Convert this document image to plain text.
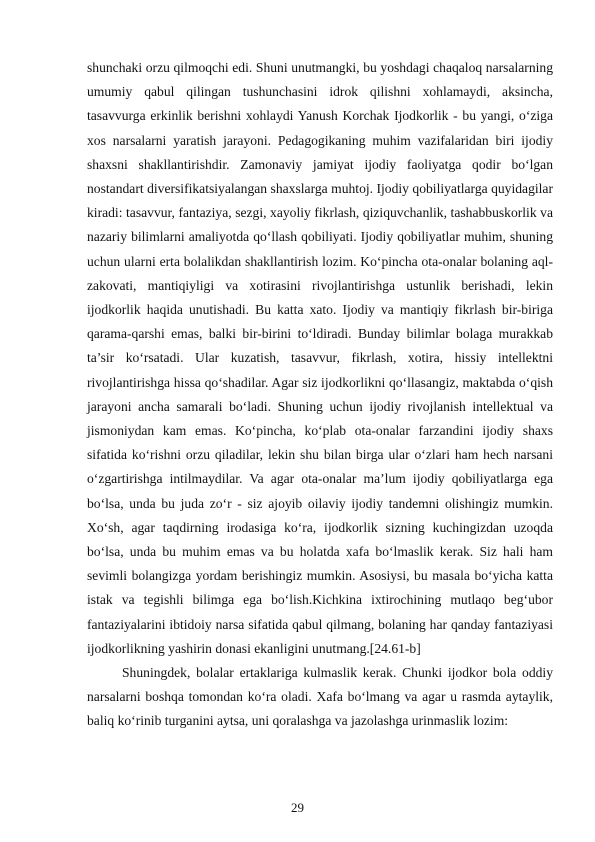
shunchaki orzu qilmoqchi edi. Shuni unutmangki, bu yoshdagi chaqaloq narsalarning umumiy qabul qilingan tushunchasini idrok qilishni xohlamaydi, aksincha, tasavvurga erkinlik berishni xohlaydi Yanush Korchak Ijodkorlik - bu yangi, o‘ziga xos narsalarni yaratish jarayoni. Pedagogikaning muhim vazifalaridan biri ijodiy shaxsni shakllantirishdir. Zamonaviy jamiyat ijodiy faoliyatga qodir bo‘lgan nostandart diversifikatsiyalangan shaxslarga muhtoj. Ijodiy qobiliyatlarga quyidagilar kiradi: tasavvur, fantaziya, sezgi, xayoliy fikrlash, qiziquvchanlik, tashabbuskorlik va nazariy bilimlarni amaliyotda qo‘llash qobiliyati. Ijodiy qobiliyatlar muhim, shuning uchun ularni erta bolalikdan shakllantirish lozim. Ko‘pincha ota-onalar bolaning aql-zakovati, mantiqiyligi va xotirasini rivojlantirishga ustunlik berishadi, lekin ijodkorlik haqida unutishadi. Bu katta xato. Ijodiy va mantiqiy fikrlash bir-biriga qarama-qarshi emas, balki bir-birini to‘ldiradi. Bunday bilimlar bolaga murakkab ta’sir ko‘rsatadi. Ular kuzatish, tasavvur, fikrlash, xotira, hissiy intellektni rivojlantirishga hissa qo‘shadilar. Agar siz ijodkorlikni qo‘llasangiz, maktabda o‘qish jarayoni ancha samarali bo‘ladi. Shuning uchun ijodiy rivojlanish intellektual va jismoniydan kam emas. Ko‘pincha, ko‘plab ota-onalar farzandini ijodiy shaxs sifatida ko‘rishni orzu qiladilar, lekin shu bilan birga ular o‘zlari ham hech narsani o‘zgartirishga intilmaydilar. Va agar ota-onalar ma’lum ijodiy qobiliyatlarga ega bo‘lsa, unda bu juda zo‘r - siz ajoyib oilaviy ijodiy tandemni olishingiz mumkin. Xo‘sh, agar taqdirning irodasiga ko‘ra, ijodkorlik sizning kuchingizdan uzoqda bo‘lsa, unda bu muhim emas va bu holatda xafa bo‘lmaslik kerak. Siz hali ham sevimli bolangizga yordam berishingiz mumkin. Asosiysi, bu masala bo‘yicha katta istak va tegishli bilimga ega bo‘lish.Kichkina ixtirochining mutlaqo beg‘ubor fantaziyalarini ibtidoiy narsa sifatida qabul qilmang, bolaning har qanday fantaziyasi ijodkorlikning yashirin donasi ekanligini unutmang.[24.61-b]

Shuningdek, bolalar ertaklariga kulmaslik kerak. Chunki ijodkor bola oddiy narsalarni boshqa tomondan ko‘ra oladi. Xafa bo‘lmang va agar u rasmda aytaylik, baliq ko‘rinib turganini aytsa, uni qoralashga va jazolashga urinmaslik lozim:

29
